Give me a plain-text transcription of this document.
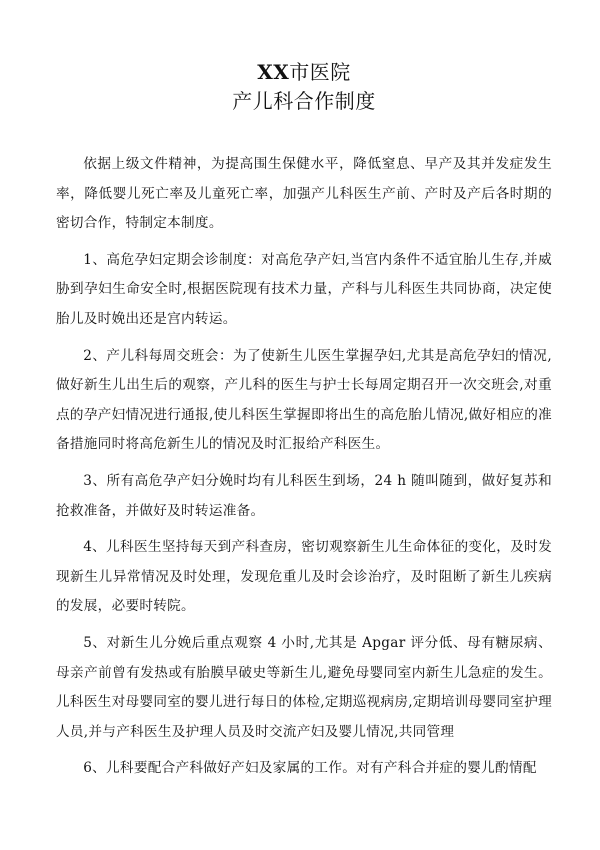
XX市医院
产儿科合作制度

依据上级文件精神，为提高围生保健水平，降低窒息、早产及其并发症发生率，降低婴儿死亡率及儿童死亡率，加强产儿科医生产前、产时及产后各时期的密切合作，特制定本制度。

1、高危孕妇定期会诊制度：对高危孕产妇,当宫内条件不适宜胎儿生存,并威胁到孕妇生命安全时,根据医院现有技术力量，产科与儿科医生共同协商，决定使胎儿及时娩出还是宫内转运。

2、产儿科每周交班会：为了使新生儿医生掌握孕妇,尤其是高危孕妇的情况,做好新生儿出生后的观察，产儿科的医生与护士长每周定期召开一次交班会,对重点的孕产妇情况进行通报,使儿科医生掌握即将出生的高危胎儿情况,做好相应的准备措施同时将高危新生儿的情况及时汇报给产科医生。

3、所有高危孕产妇分娩时均有儿科医生到场，24 h 随叫随到，做好复苏和抢救准备，并做好及时转运准备。

4、儿科医生坚持每天到产科查房，密切观察新生儿生命体征的变化，及时发现新生儿异常情况及时处理，发现危重儿及时会诊治疗，及时阻断了新生儿疾病的发展，必要时转院。

5、对新生儿分娩后重点观察 4 小时,尤其是 Apgar 评分低、母有糖尿病、母亲产前曾有发热或有胎膜早破史等新生儿,避免母婴同室内新生儿急症的发生。儿科医生对母婴同室的婴儿进行每日的体检,定期巡视病房,定期培训母婴同室护理人员,并与产科医生及护理人员及时交流产妇及婴儿情况,共同管理

6、儿科要配合产科做好产妇及家属的工作。对有产科合并症的婴儿酌情配
